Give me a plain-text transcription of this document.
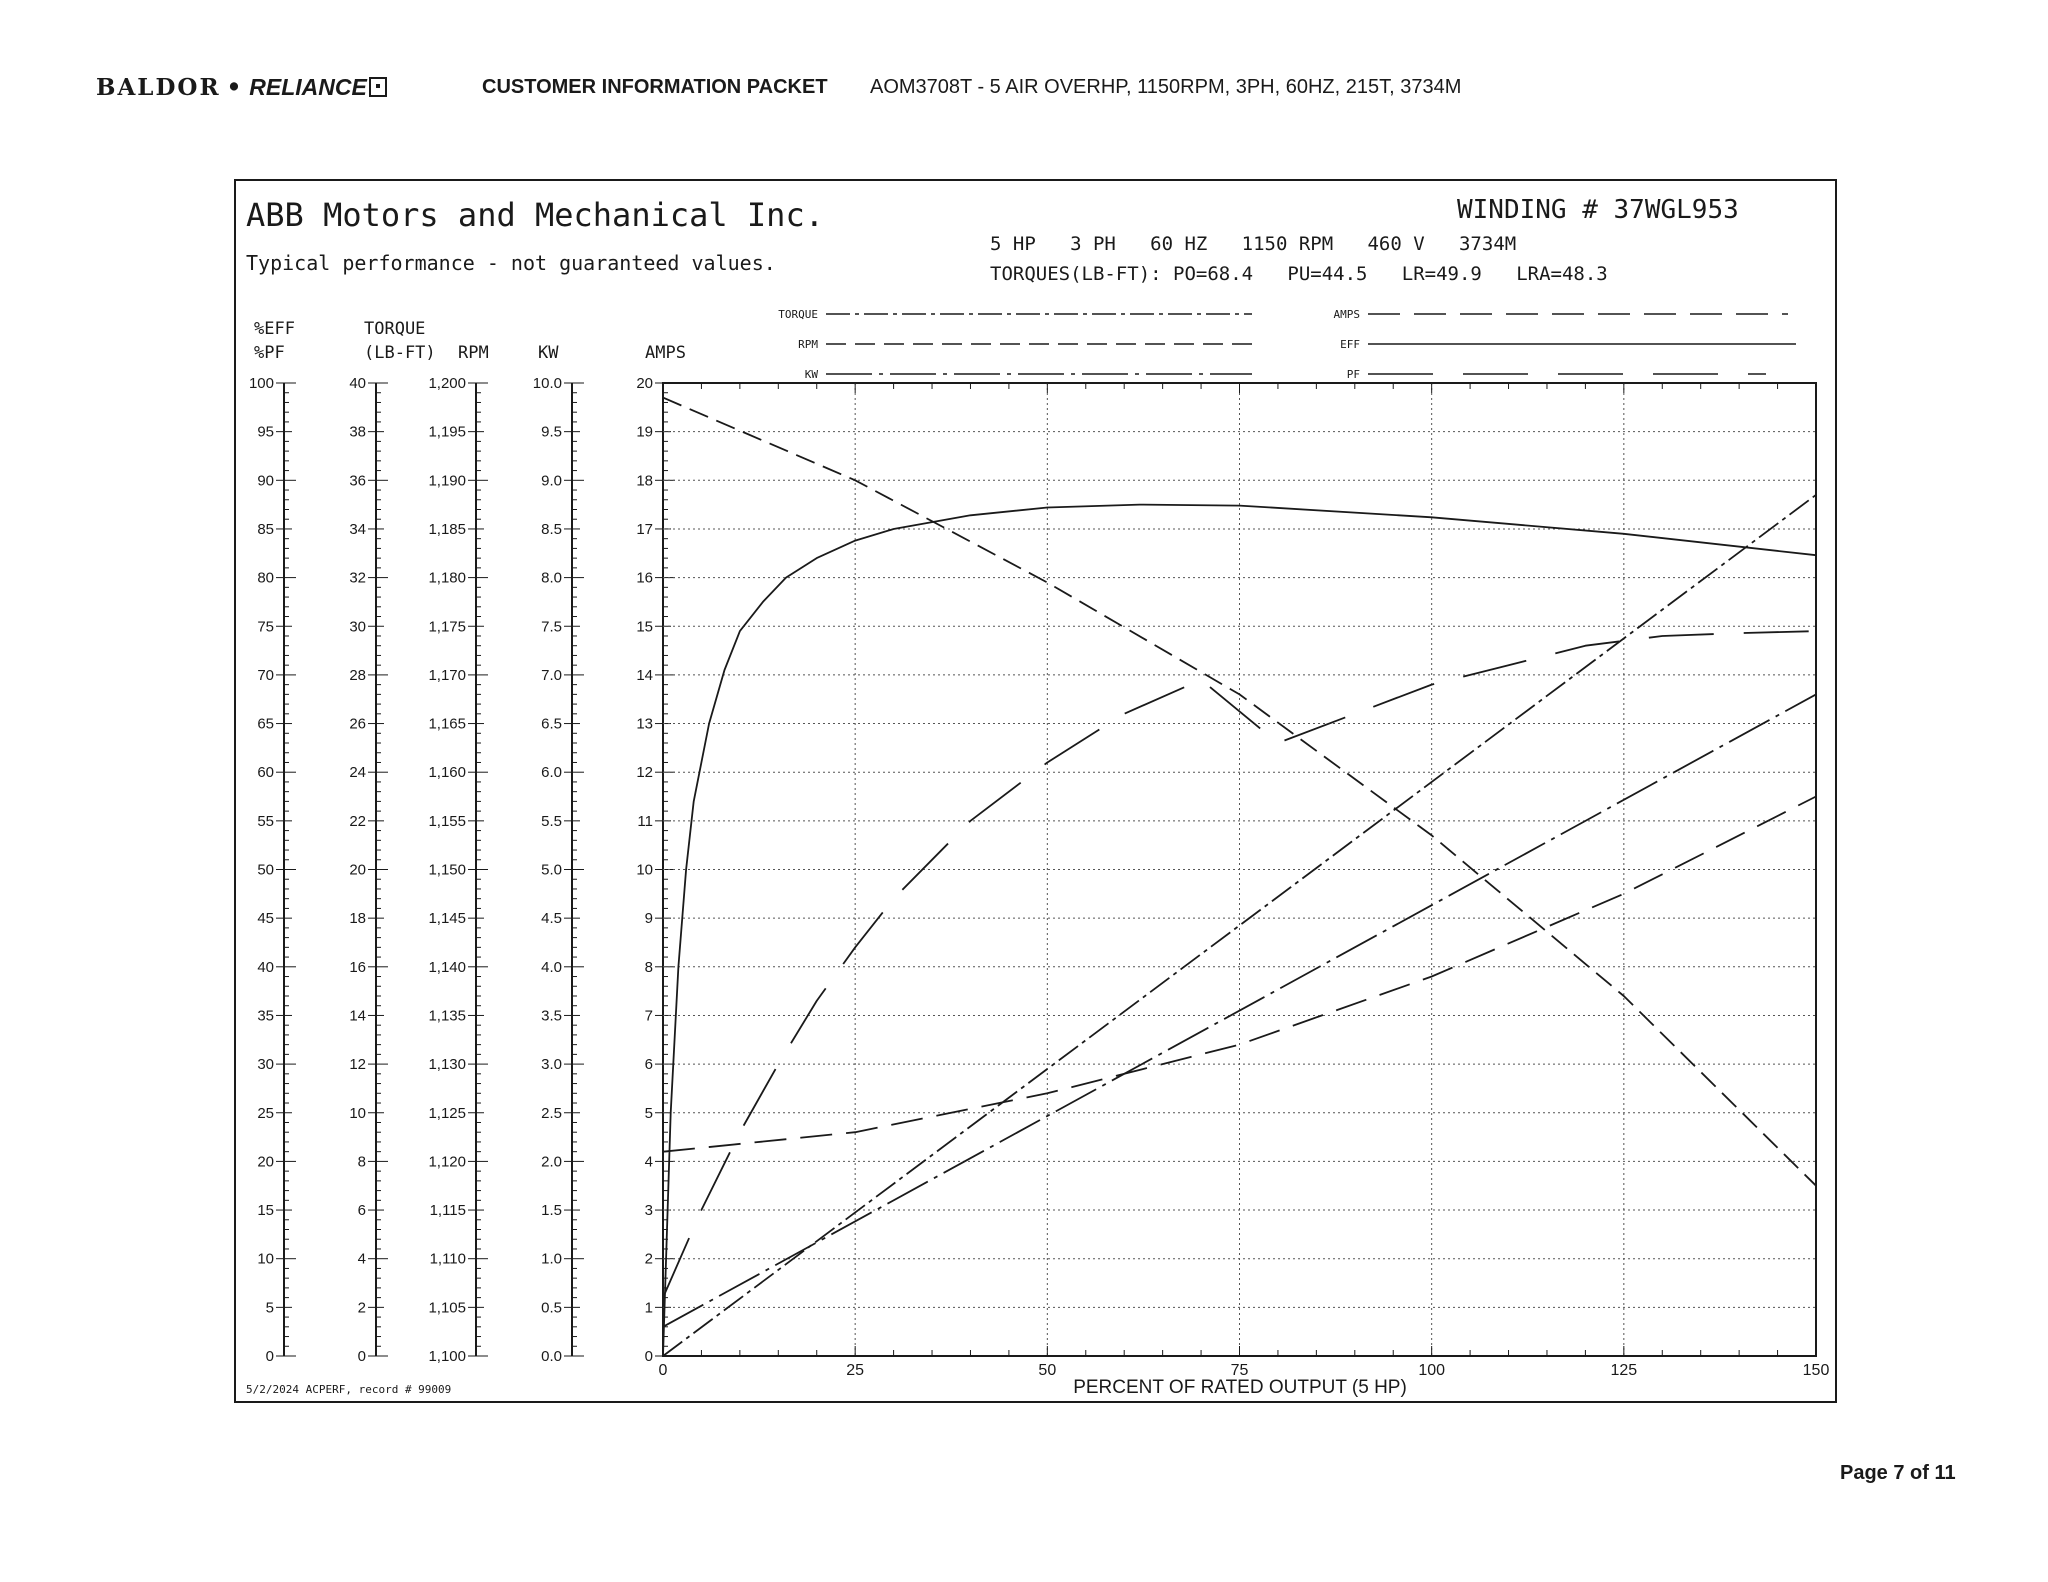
BALDOR • RELIANCE	CUSTOMER INFORMATION PACKET AOM3708T - 5 AIR OVERHP, 1150RPM, 3PH, 60HZ, 215T, 3734M
ABB Motors and Mechanical Inc.
Typical performance - not guaranteed values.
WINDING # 37WGL953
5 HP   3 PH   60 HZ   1150 RPM   460 V   3734M
TORQUES(LB-FT): PO=68.4   PU=44.5   LR=49.9   LRA=48.3
5/2/2024 ACPERF, record # 99009	PERCENT OF RATED OUTPUT (5 HP)
100
95
90
85
80
75
70
65
60
55
50
45
40
35
30
25
20
15
10
5
0
%EFF
%PF
40
38
36
34
32
30
28
26
24
22
20
18
16
14
12
10
8
6
4
2
0
TORQUE
(LB-FT)
1,200
1,195
1,190
1,185
1,180
1,175
1,170
1,165
1,160
1,155
1,150
1,145
1,140
1,135
1,130
1,125
1,120
1,115
1,110
1,105
1,100
RPM
10.0
9.5
9.0
8.5
8.0
7.5
7.0
6.5
6.0
5.5
5.0
4.5
4.0
3.5
3.0
2.5
2.0
1.5
1.0
0.5
0.0
KW
20
19
18
17
16
15
14
13
12
11
10
9
8
7
6
5
4
3
2
1
0
AMPS
0	25	50	75	100	125	150
TORQUE
RPM
KW
AMPS
EFF
PF
Page 7 of 11
